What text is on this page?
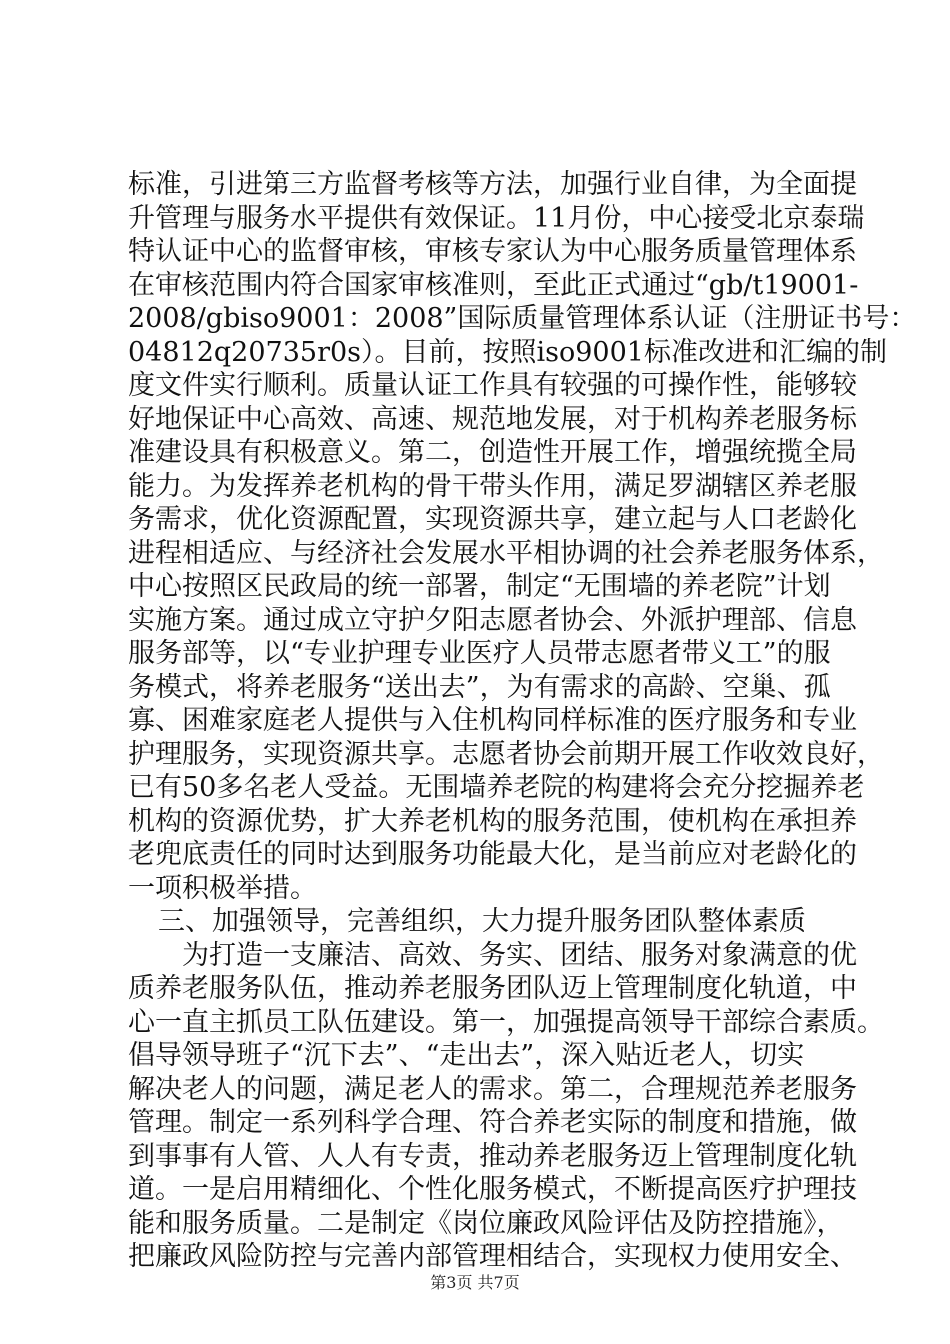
标准，引进第三方监督考核等方法，加强行业自律，为全面提
升管理与服务水平提供有效保证。11月份，中心接受北京泰瑞
特认证中心的监督审核，审核专家认为中心服务质量管理体系
在审核范围内符合国家审核准则，至此正式通过“gb/t19001-
2008/gbiso9001：2008”国际质量管理体系认证（注册证书号：
04812q20735r0s）。目前，按照iso9001标准改进和汇编的制
度文件实行顺利。质量认证工作具有较强的可操作性，能够较
好地保证中心高效、高速、规范地发展，对于机构养老服务标
准建设具有积极意义。第二，创造性开展工作，增强统揽全局
能力。为发挥养老机构的骨干带头作用，满足罗湖辖区养老服
务需求，优化资源配置，实现资源共享，建立起与人口老龄化
进程相适应、与经济社会发展水平相协调的社会养老服务体系，
中心按照区民政局的统一部署，制定“无围墙的养老院”计划
实施方案。通过成立守护夕阳志愿者协会、外派护理部、信息
服务部等，以“专业护理专业医疗人员带志愿者带义工”的服
务模式，将养老服务“送出去”，为有需求的高龄、空巢、孤
寡、困难家庭老人提供与入住机构同样标准的医疗服务和专业
护理服务，实现资源共享。志愿者协会前期开展工作收效良好，
已有50多名老人受益。无围墙养老院的构建将会充分挖掘养老
机构的资源优势，扩大养老机构的服务范围，使机构在承担养
老兜底责任的同时达到服务功能最大化，是当前应对老龄化的
一项积极举措。
三、加强领导，完善组织，大力提升服务团队整体素质
为打造一支廉洁、高效、务实、团结、服务对象满意的优
质养老服务队伍，推动养老服务团队迈上管理制度化轨道，中
心一直主抓员工队伍建设。第一，加强提高领导干部综合素质。
倡导领导班子“沉下去”、“走出去”，深入贴近老人，切实
解决老人的问题，满足老人的需求。第二，合理规范养老服务
管理。制定一系列科学合理、符合养老实际的制度和措施，做
到事事有人管、人人有专责，推动养老服务迈上管理制度化轨
道。一是启用精细化、个性化服务模式，不断提高医疗护理技
能和服务质量。二是制定《岗位廉政风险评估及防控措施》，
把廉政风险防控与完善内部管理相结合，实现权力使用安全、
第3页 共7页
